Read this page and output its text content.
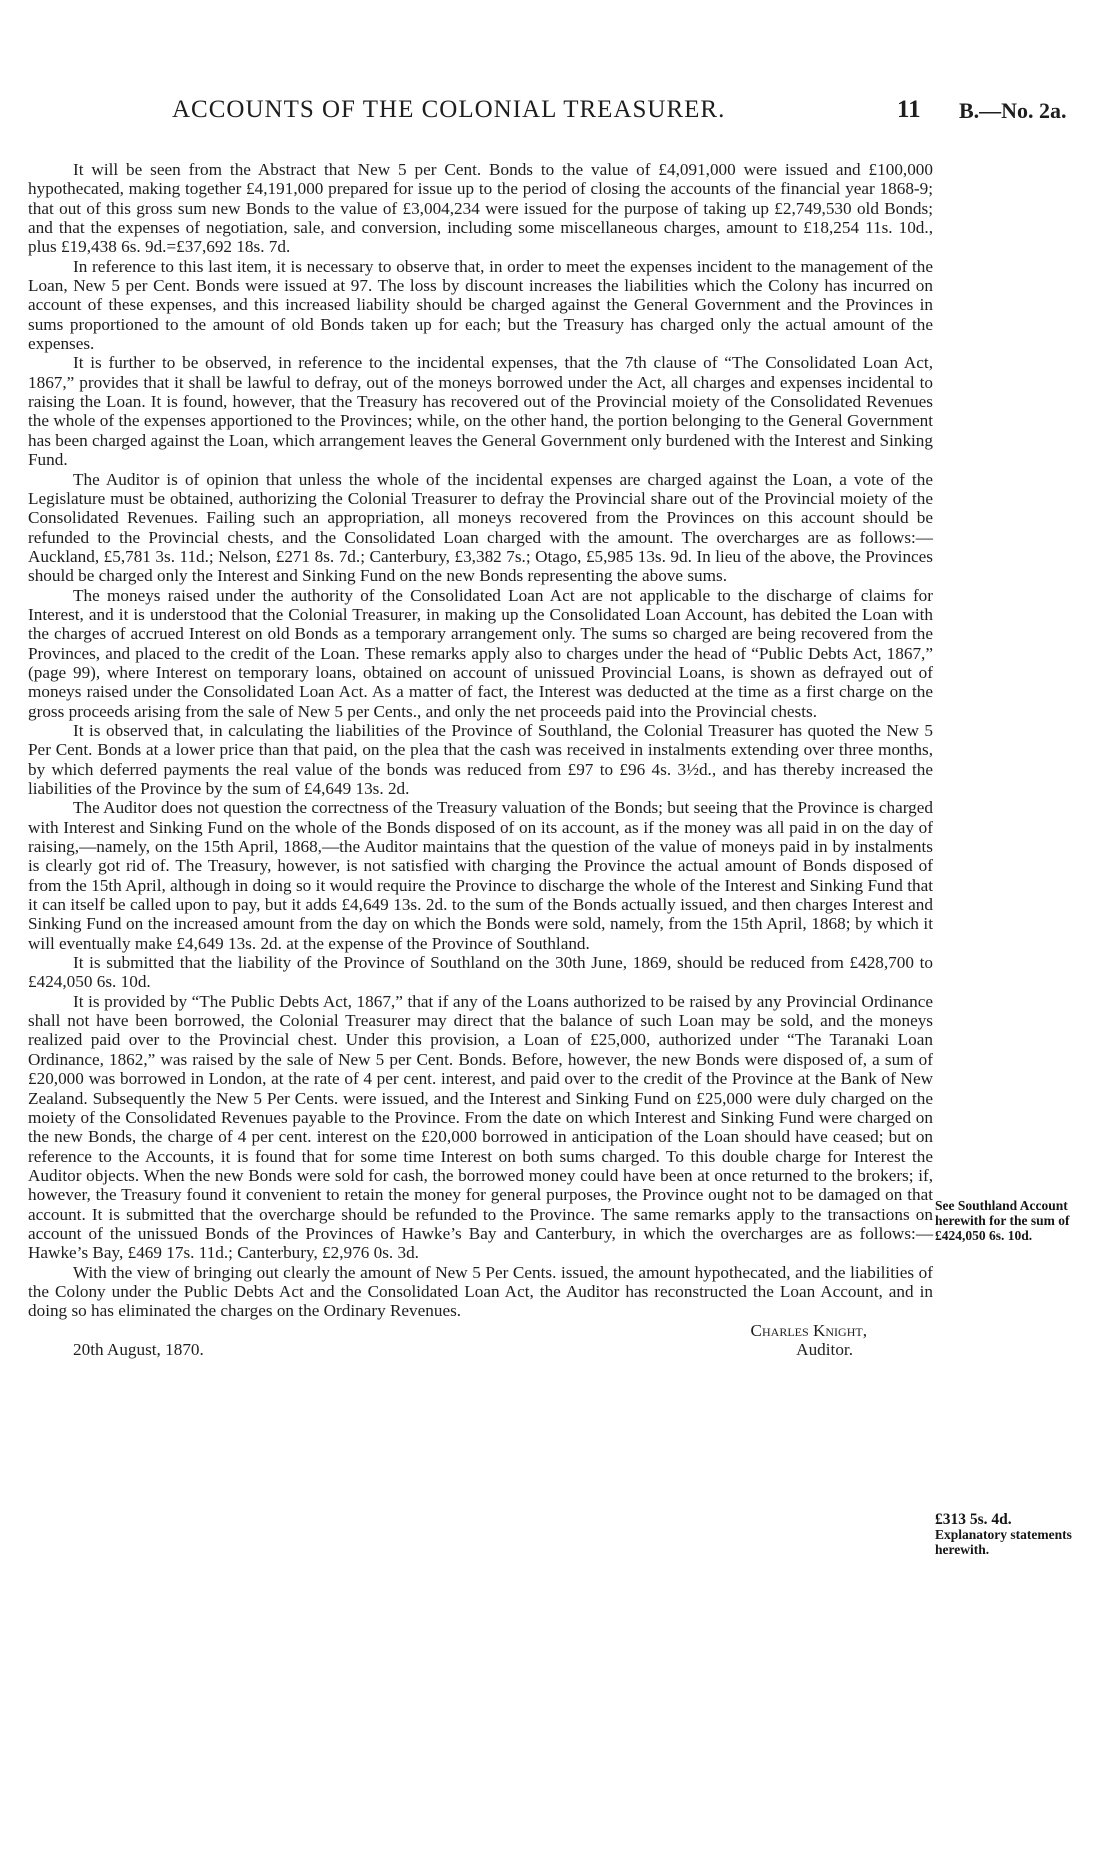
ACCOUNTS OF THE COLONIAL TREASURER.	11 B.—No. 2a.

It will be seen from the Abstract that New 5 per Cent. Bonds to the value of £4,091,000 were issued and £100,000 hypothecated, making together £4,191,000 prepared for issue up to the period of closing the accounts of the financial year 1868-9; that out of this gross sum new Bonds to the value of £3,004,234 were issued for the purpose of taking up £2,749,530 old Bonds; and that the expenses of negotiation, sale, and conversion, including some miscellaneous charges, amount to £18,254 11s. 10d., plus £19,438 6s. 9d.=£37,692 18s. 7d.

In reference to this last item, it is necessary to observe that, in order to meet the expenses incident to the management of the Loan, New 5 per Cent. Bonds were issued at 97. The loss by discount increases the liabilities which the Colony has incurred on account of these expenses, and this increased liability should be charged against the General Government and the Provinces in sums proportioned to the amount of old Bonds taken up for each; but the Treasury has charged only the actual amount of the expenses.

It is further to be observed, in reference to the incidental expenses, that the 7th clause of “The Consolidated Loan Act, 1867,” provides that it shall be lawful to defray, out of the moneys borrowed under the Act, all charges and expenses incidental to raising the Loan. It is found, however, that the Treasury has recovered out of the Provincial moiety of the Consolidated Revenues the whole of the expenses apportioned to the Provinces; while, on the other hand, the portion belonging to the General Government has been charged against the Loan, which arrangement leaves the General Government only burdened with the Interest and Sinking Fund.

The Auditor is of opinion that unless the whole of the incidental expenses are charged against the Loan, a vote of the Legislature must be obtained, authorizing the Colonial Treasurer to defray the Provincial share out of the Provincial moiety of the Consolidated Revenues. Failing such an appropriation, all moneys recovered from the Provinces on this account should be refunded to the Provincial chests, and the Consolidated Loan charged with the amount. The overcharges are as follows:—Auckland, £5,781 3s. 11d.; Nelson, £271 8s. 7d.; Canterbury, £3,382 7s.; Otago, £5,985 13s. 9d. In lieu of the above, the Provinces should be charged only the Interest and Sinking Fund on the new Bonds representing the above sums.

The moneys raised under the authority of the Consolidated Loan Act are not applicable to the discharge of claims for Interest, and it is understood that the Colonial Treasurer, in making up the Consolidated Loan Account, has debited the Loan with the charges of accrued Interest on old Bonds as a temporary arrangement only. The sums so charged are being recovered from the Provinces, and placed to the credit of the Loan. These remarks apply also to charges under the head of “Public Debts Act, 1867,” (page 99), where Interest on temporary loans, obtained on account of unissued Provincial Loans, is shown as defrayed out of moneys raised under the Consolidated Loan Act. As a matter of fact, the Interest was deducted at the time as a first charge on the gross proceeds arising from the sale of New 5 per Cents., and only the net proceeds paid into the Provincial chests.

It is observed that, in calculating the liabilities of the Province of Southland, the Colonial Treasurer has quoted the New 5 Per Cent. Bonds at a lower price than that paid, on the plea that the cash was received in instalments extending over three months, by which deferred payments the real value of the bonds was reduced from £97 to £96 4s. 3½d., and has thereby increased the liabilities of the Province by the sum of £4,649 13s. 2d.

The Auditor does not question the correctness of the Treasury valuation of the Bonds; but seeing that the Province is charged with Interest and Sinking Fund on the whole of the Bonds disposed of on its account, as if the money was all paid in on the day of raising,—namely, on the 15th April, 1868,—the Auditor maintains that the question of the value of moneys paid in by instalments is clearly got rid of. The Treasury, however, is not satisfied with charging the Province the actual amount of Bonds disposed of from the 15th April, although in doing so it would require the Province to discharge the whole of the Interest and Sinking Fund that it can itself be called upon to pay, but it adds £4,649 13s. 2d. to the sum of the Bonds actually issued, and then charges Interest and Sinking Fund on the increased amount from the day on which the Bonds were sold, namely, from the 15th April, 1868; by which it will eventually make £4,649 13s. 2d. at the expense of the Province of Southland.

It is submitted that the liability of the Province of Southland on the 30th June, 1869, should be reduced from £428,700 to £424,050 6s. 10d.

It is provided by “The Public Debts Act, 1867,” that if any of the Loans authorized to be raised by any Provincial Ordinance shall not have been borrowed, the Colonial Treasurer may direct that the balance of such Loan may be sold, and the moneys realized paid over to the Provincial chest. Under this provision, a Loan of £25,000, authorized under “The Taranaki Loan Ordinance, 1862,” was raised by the sale of New 5 per Cent. Bonds. Before, however, the new Bonds were disposed of, a sum of £20,000 was borrowed in London, at the rate of 4 per cent. interest, and paid over to the credit of the Province at the Bank of New Zealand. Subsequently the New 5 Per Cents. were issued, and the Interest and Sinking Fund on £25,000 were duly charged on the moiety of the Consolidated Revenues payable to the Province. From the date on which Interest and Sinking Fund were charged on the new Bonds, the charge of 4 per cent. interest on the £20,000 borrowed in anticipation of the Loan should have ceased; but on reference to the Accounts, it is found that for some time Interest on both sums charged. To this double charge for Interest the Auditor objects. When the new Bonds were sold for cash, the borrowed money could have been at once returned to the brokers; if, however, the Treasury found it convenient to retain the money for general purposes, the Province ought not to be damaged on that account. It is submitted that the overcharge should be refunded to the Province. The same remarks apply to the transactions on account of the unissued Bonds of the Provinces of Hawke’s Bay and Canterbury, in which the overcharges are as follows:—Hawke’s Bay, £469 17s. 11d.; Canterbury, £2,976 0s. 3d.

With the view of bringing out clearly the amount of New 5 Per Cents. issued, the amount hypothecated, and the liabilities of the Colony under the Public Debts Act and the Consolidated Loan Act, the Auditor has reconstructed the Loan Account, and in doing so has eliminated the charges on the Ordinary Revenues.

Charles Knight,
20th August, 1870.	Auditor.
See Southland Account herewith for the sum of £424,050 6s. 10d.
£313 5s. 4d.
Explanatory statements herewith.
